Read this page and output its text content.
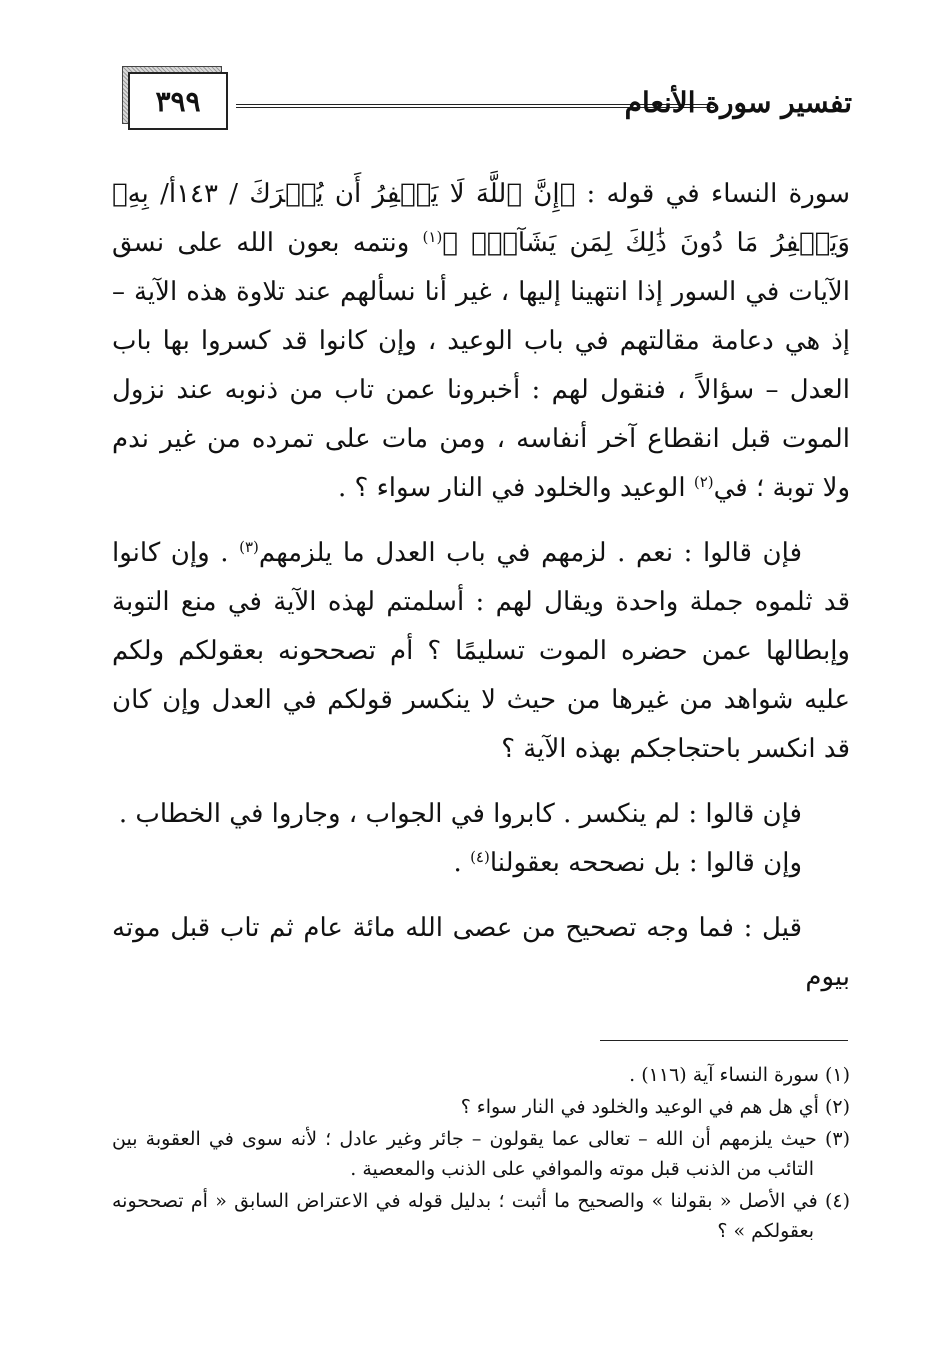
٣٩٩	تفسير سورة الأنعام

سورة النساء في قوله : ﴿إِنَّ ٱللَّهَ لَا يَغۡفِرُ أَن يُشۡرَكَ / ١٤٣أ/ بِهِۦ وَيَغۡفِرُ مَا دُونَ ذَٰلِكَ لِمَن يَشَآءُۚ ﴾$^{(١)}$ ونتمه بعون الله على نسق الآيات في السور إذا انتهينا إليها ، غير أنا نسألهم عند تلاوة هذه الآية – إذ هي دعامة مقالتهم في باب الوعيد ، وإن كانوا قد كسروا بها باب العدل – سؤالاً ، فنقول لهم : أخبرونا عمن تاب من ذنوبه عند نزول الموت قبل انقطاع آخر أنفاسه ، ومن مات على تمرده من غير ندم ولا توبة ؛ في$^{(٢)}$ الوعيد والخلود في النار سواء ؟ .

فإن قالوا : نعم . لزمهم في باب العدل ما يلزمهم$^{(٣)}$ . وإن كانوا قد ثلموه جملة واحدة ويقال لهم : أسلمتم لهذه الآية في منع التوبة وإبطالها عمن حضره الموت تسليمًا ؟ أم تصححونه بعقولكم ولكم عليه شواهد من غيرها من حيث لا ينكسر قولكم في العدل وإن كان قد انكسر باحتجاجكم بهذه الآية ؟

فإن قالوا : لم ينكسر . كابروا في الجواب ، وجاروا في الخطاب .

وإن قالوا : بل نصححه بعقولنا$^{(٤)}$ .

قيل : فما وجه تصحيح من عصى الله مائة عام ثم تاب قبل موته بيوم

(١) سورة النساء آية (١١٦) .

(٢) أي هل هم في الوعيد والخلود في النار سواء ؟

(٣) حيث يلزمهم أن الله – تعالى عما يقولون – جائر وغير عادل ؛ لأنه سوى في العقوبة بين التائب من الذنب قبل موته والموافي على الذنب والمعصية .

(٤) في الأصل « بقولنا » والصحيح ما أثبت ؛ بدليل قوله في الاعتراض السابق « أم تصححونه بعقولكم » ؟
